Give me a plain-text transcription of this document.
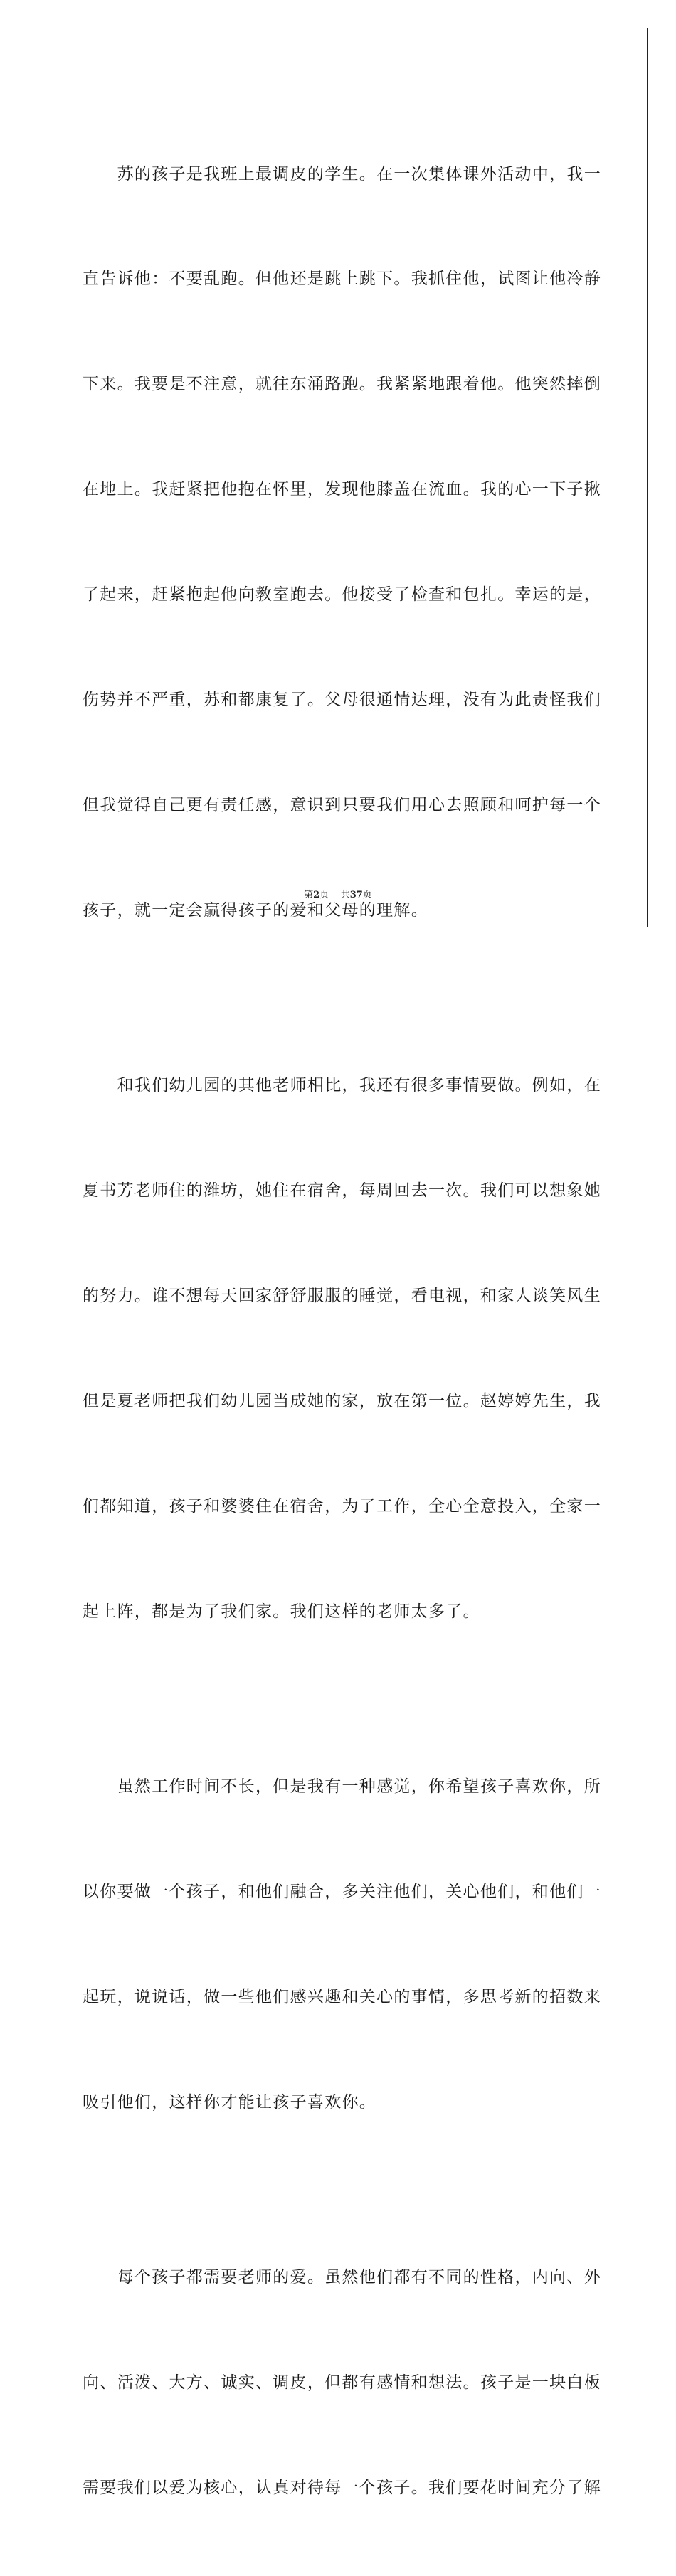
　　苏的孩子是我班上最调皮的学生。在一次集体课外活动中，我一

直告诉他：不要乱跑。但他还是跳上跳下。我抓住他，试图让他冷静

下来。我要是不注意，就往东涌路跑。我紧紧地跟着他。他突然摔倒

在地上。我赶紧把他抱在怀里，发现他膝盖在流血。我的心一下子揪

了起来，赶紧抱起他向教室跑去。他接受了检查和包扎。幸运的是，

伤势并不严重，苏和都康复了。父母很通情达理，没有为此责怪我们

但我觉得自己更有责任感，意识到只要我们用心去照顾和呵护每一个

孩子，就一定会赢得孩子的爱和父母的理解。

　　和我们幼儿园的其他老师相比，我还有很多事情要做。例如，在

夏书芳老师住的潍坊，她住在宿舍，每周回去一次。我们可以想象她

的努力。谁不想每天回家舒舒服服的睡觉，看电视，和家人谈笑风生

但是夏老师把我们幼儿园当成她的家，放在第一位。赵婷婷先生，我

们都知道，孩子和婆婆住在宿舍，为了工作，全心全意投入，全家一

起上阵，都是为了我们家。我们这样的老师太多了。

　　虽然工作时间不长，但是我有一种感觉，你希望孩子喜欢你，所

以你要做一个孩子，和他们融合，多关注他们，关心他们，和他们一

起玩，说说话，做一些他们感兴趣和关心的事情，多思考新的招数来

吸引他们，这样你才能让孩子喜欢你。

　　每个孩子都需要老师的爱。虽然他们都有不同的性格，内向、外

向、活泼、大方、诚实、调皮，但都有感情和想法。孩子是一块白板

需要我们以爱为核心，认真对待每一个孩子。我们要花时间充分了解

第2页 共37页
